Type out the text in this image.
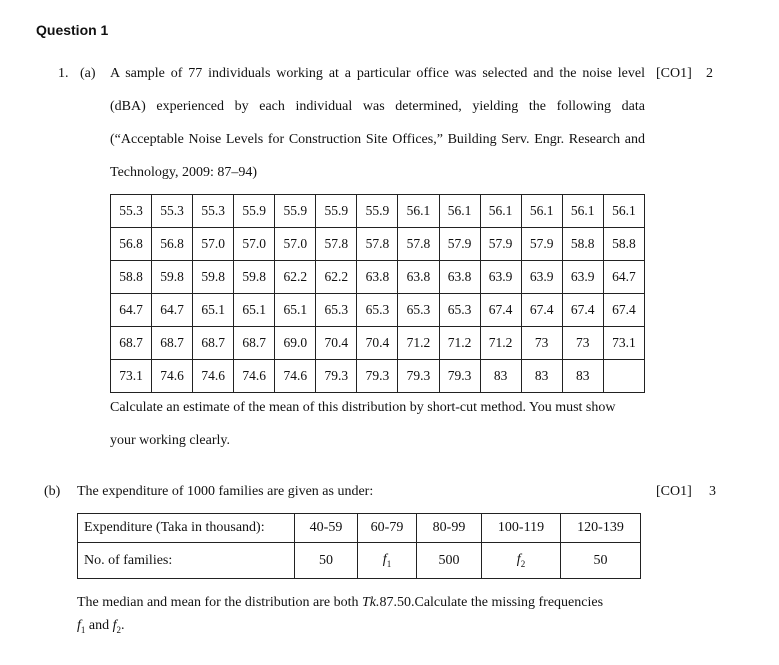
Question 1
1. (a) A sample of 77 individuals working at a particular office was selected and the noise level [CO1] 2
(dBA) experienced by each individual was determined, yielding the following data
(“Acceptable Noise Levels for Construction Site Offices,” Building Serv. Engr. Research and
Technology, 2009: 87–94)
55.3	55.3	55.3	55.9	55.9	55.9	55.9	56.1	56.1	56.1	56.1	56.1	56.1
56.8	56.8	57.0	57.0	57.0	57.8	57.8	57.8	57.9	57.9	57.9	58.8	58.8
58.8	59.8	59.8	59.8	62.2	62.2	63.8	63.8	63.8	63.9	63.9	63.9	64.7
64.7	64.7	65.1	65.1	65.1	65.3	65.3	65.3	65.3	67.4	67.4	67.4	67.4
68.7	68.7	68.7	68.7	69.0	70.4	70.4	71.2	71.2	71.2	73	73	73.1
73.1	74.6	74.6	74.6	74.6	79.3	79.3	79.3	79.3	83	83	83	
Calculate an estimate of the mean of this distribution by short-cut method. You must show
your working clearly.
(b) The expenditure of 1000 families are given as under:	[CO1] 3
Expenditure (Taka in thousand):	40-59	60-79	80-99	100-119	120-139
No. of families:	50	$f_1$	500	$f_2$	50
The median and mean for the distribution are both Tk.87.50.Calculate the missing frequencies
$f_1$ and $f_2$.
